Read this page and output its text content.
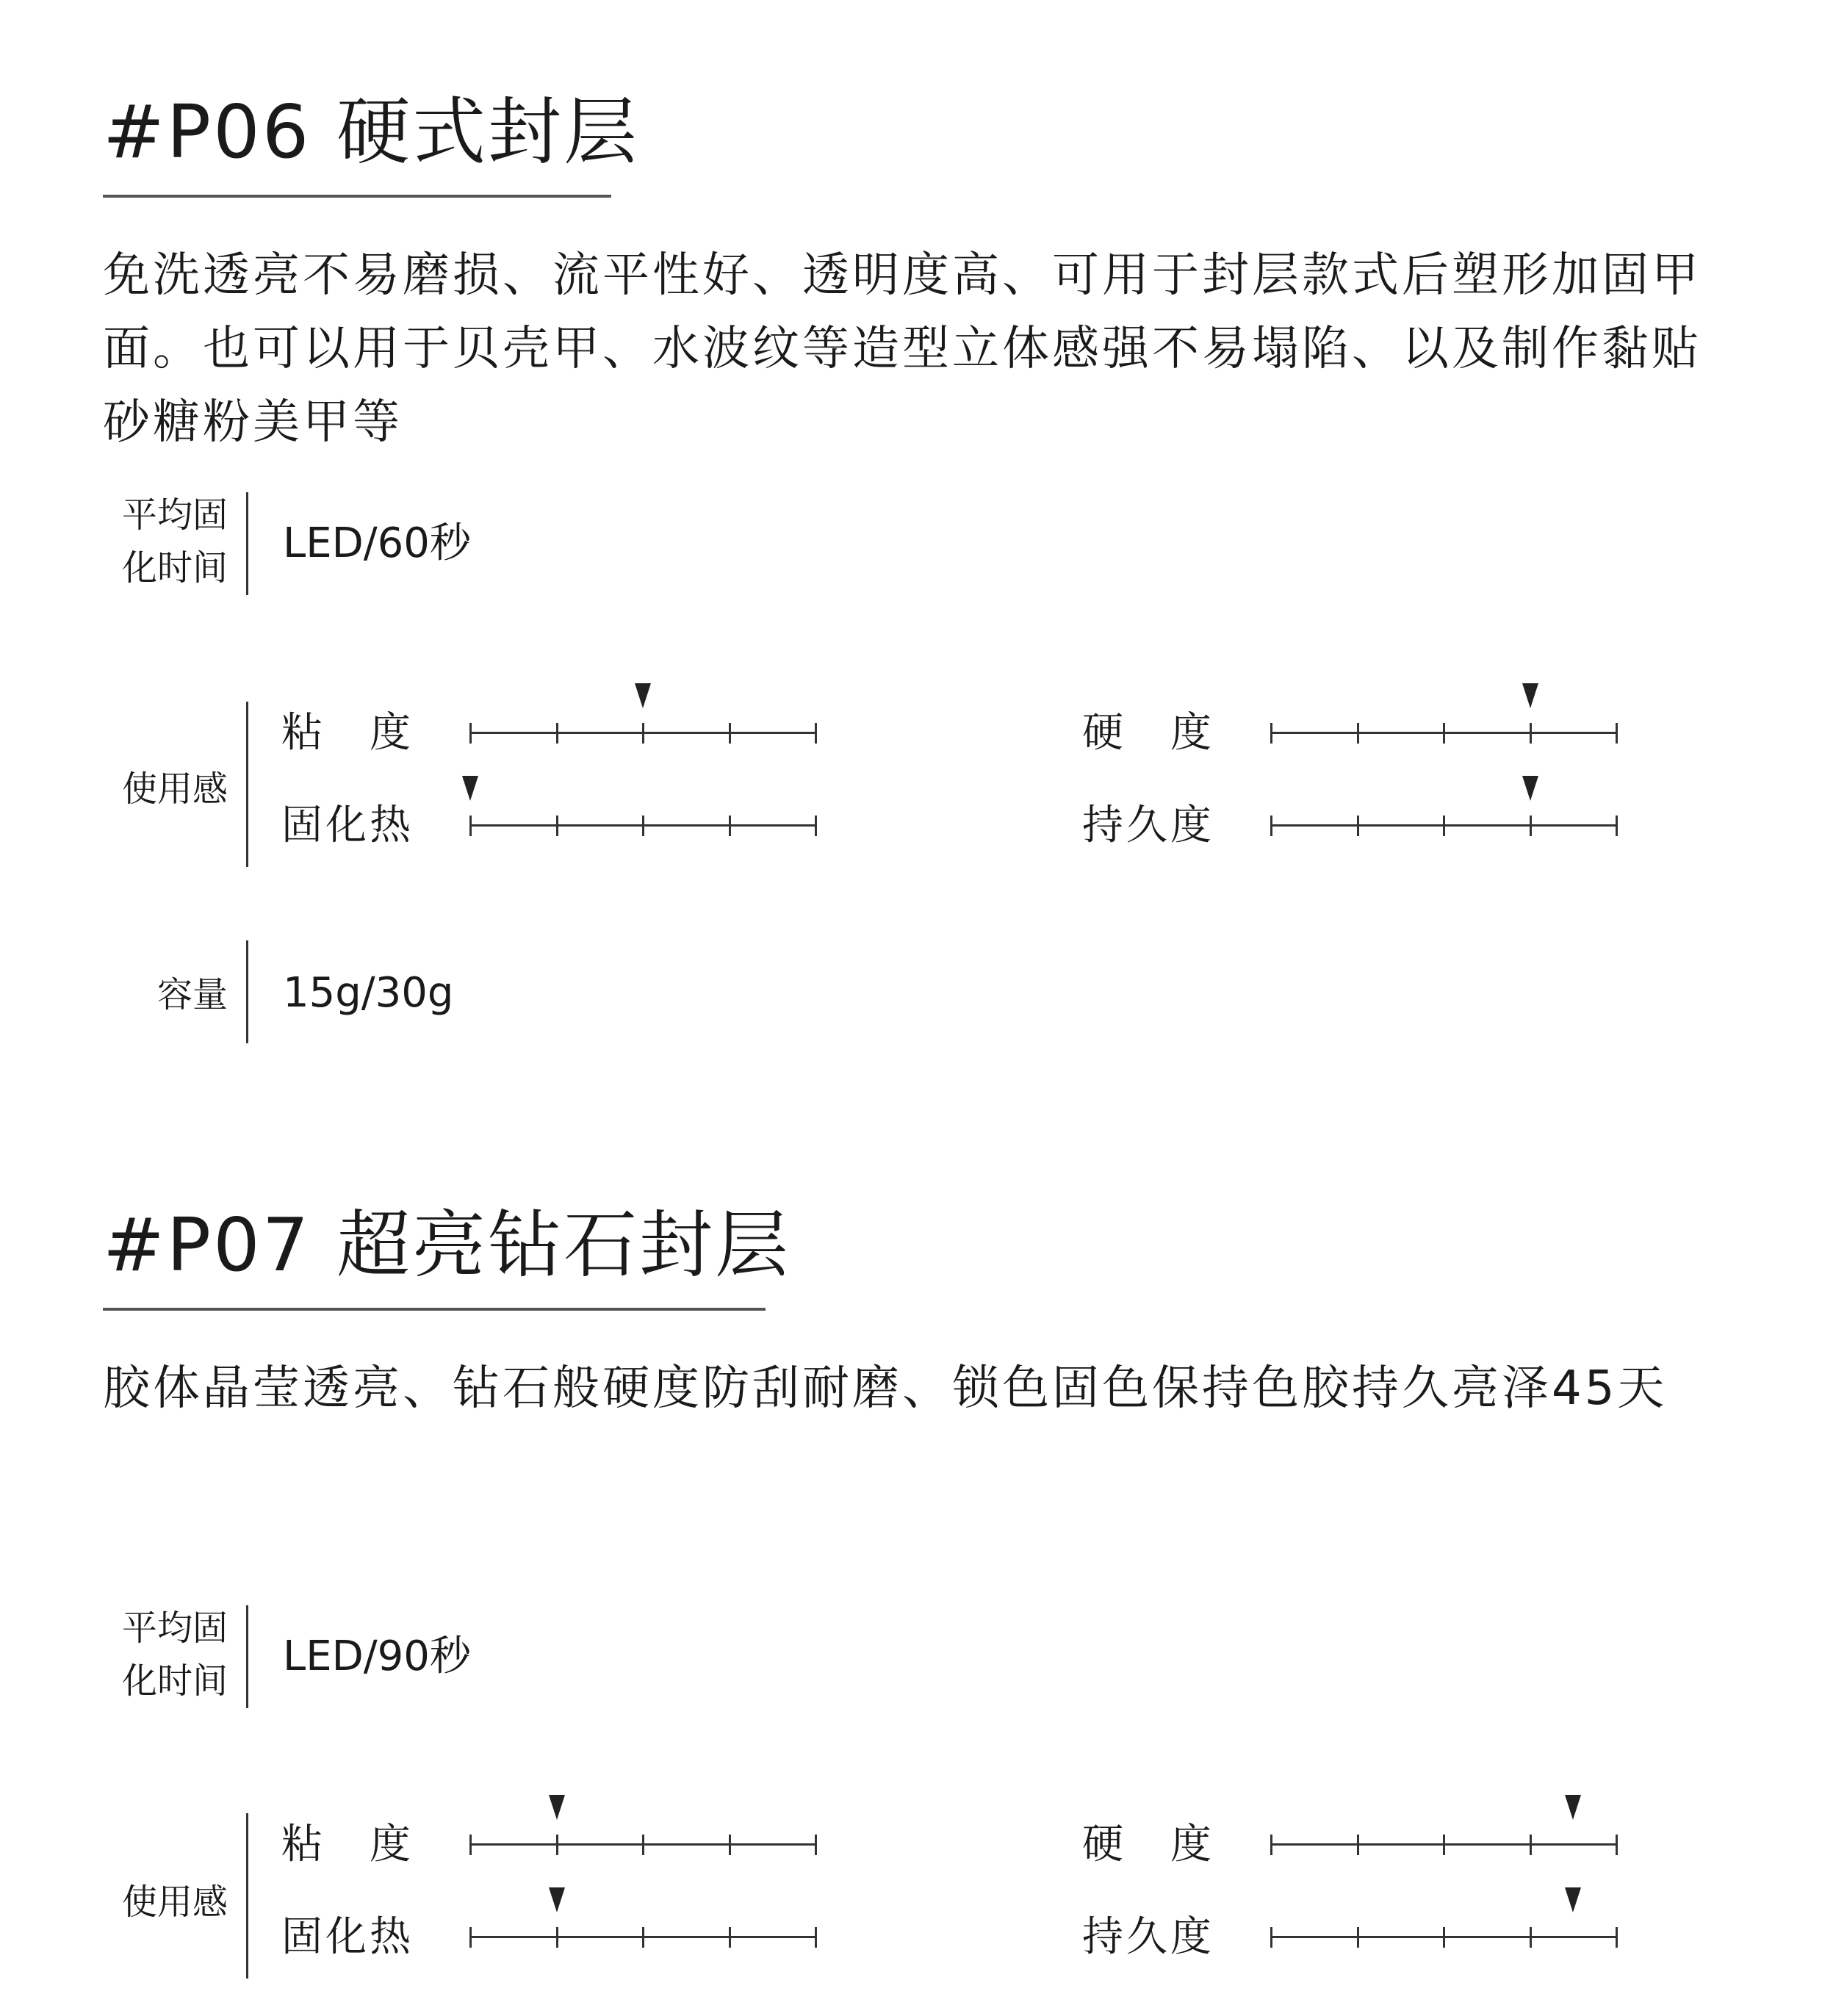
#P06 硬式封层

免洗透亮不易磨损、流平性好、透明度高、可用于封层款式后塑形加固甲面。也可以用于贝壳甲、水波纹等造型立体感强不易塌陷、以及制作黏贴砂糖粉美甲等

平均固
化时间
LED/60秒
使用感
粘度	硬度
固化热	持久度
容量 15g/30g
#P07 超亮钻石封层

胶体晶莹透亮、钻石般硬度防刮耐磨、锁色固色保持色胶持久亮泽45天

平均固
化时间
LED/90秒
使用感
粘度	硬度
固化热	持久度
